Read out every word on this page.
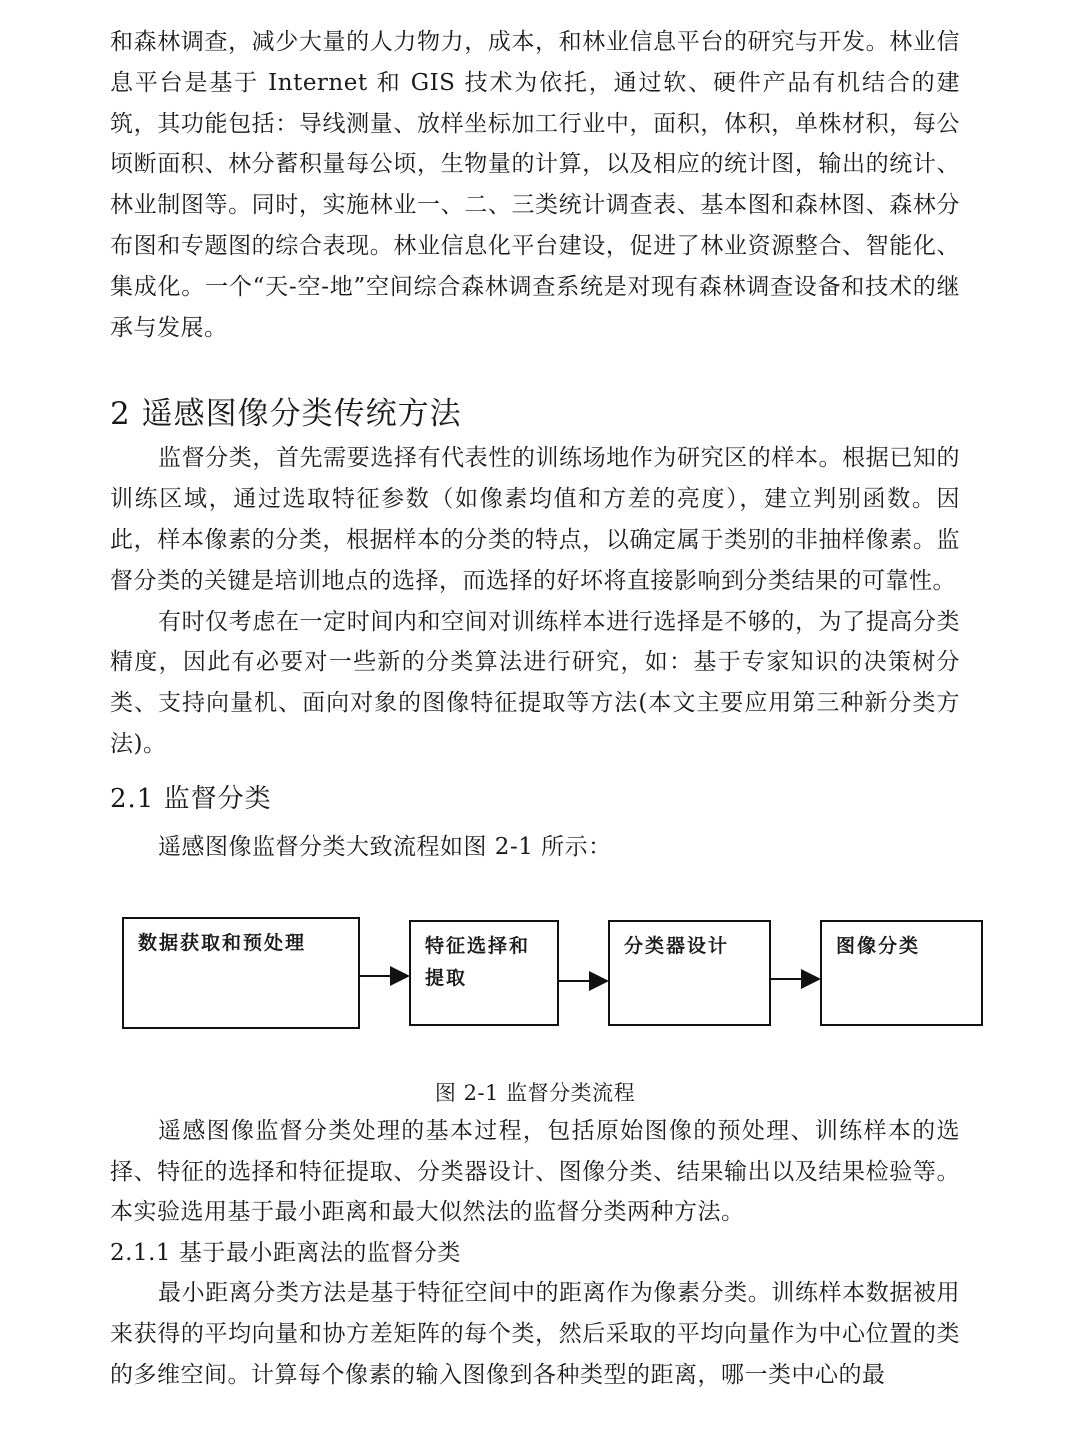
和森林调查，减少大量的人力物力，成本，和林业信息平台的研究与开发。林业信息平台是基于 Internet 和 GIS 技术为依托，通过软、硬件产品有机结合的建筑，其功能包括：导线测量、放样坐标加工行业中，面积，体积，单株材积，每公顷断面积、林分蓄积量每公顷，生物量的计算，以及相应的统计图，输出的统计、林业制图等。同时，实施林业一、二、三类统计调查表、基本图和森林图、森林分布图和专题图的综合表现。林业信息化平台建设，促进了林业资源整合、智能化、集成化。一个“天-空-地”空间综合森林调查系统是对现有森林调查设备和技术的继承与发展。

2 遥感图像分类传统方法

监督分类，首先需要选择有代表性的训练场地作为研究区的样本。根据已知的训练区域，通过选取特征参数（如像素均值和方差的亮度），建立判别函数。因此，样本像素的分类，根据样本的分类的特点，以确定属于类别的非抽样像素。监督分类的关键是培训地点的选择，而选择的好坏将直接影响到分类结果的可靠性。

有时仅考虑在一定时间内和空间对训练样本进行选择是不够的，为了提高分类精度，因此有必要对一些新的分类算法进行研究，如：基于专家知识的决策树分类、支持向量机、面向对象的图像特征提取等方法(本文主要应用第三种新分类方法)。

2.1 监督分类

遥感图像监督分类大致流程如图 2-1 所示：

数据获取和预处理	特征选择和提取
分类器设计	图像分类

图 2-1 监督分类流程

遥感图像监督分类处理的基本过程，包括原始图像的预处理、训练样本的选择、特征的选择和特征提取、分类器设计、图像分类、结果输出以及结果检验等。本实验选用基于最小距离和最大似然法的监督分类两种方法。

2.1.1 基于最小距离法的监督分类

最小距离分类方法是基于特征空间中的距离作为像素分类。训练样本数据被用来获得的平均向量和协方差矩阵的每个类，然后采取的平均向量作为中心位置的类的多维空间。计算每个像素的输入图像到各种类型的距离，哪一类中心的最
